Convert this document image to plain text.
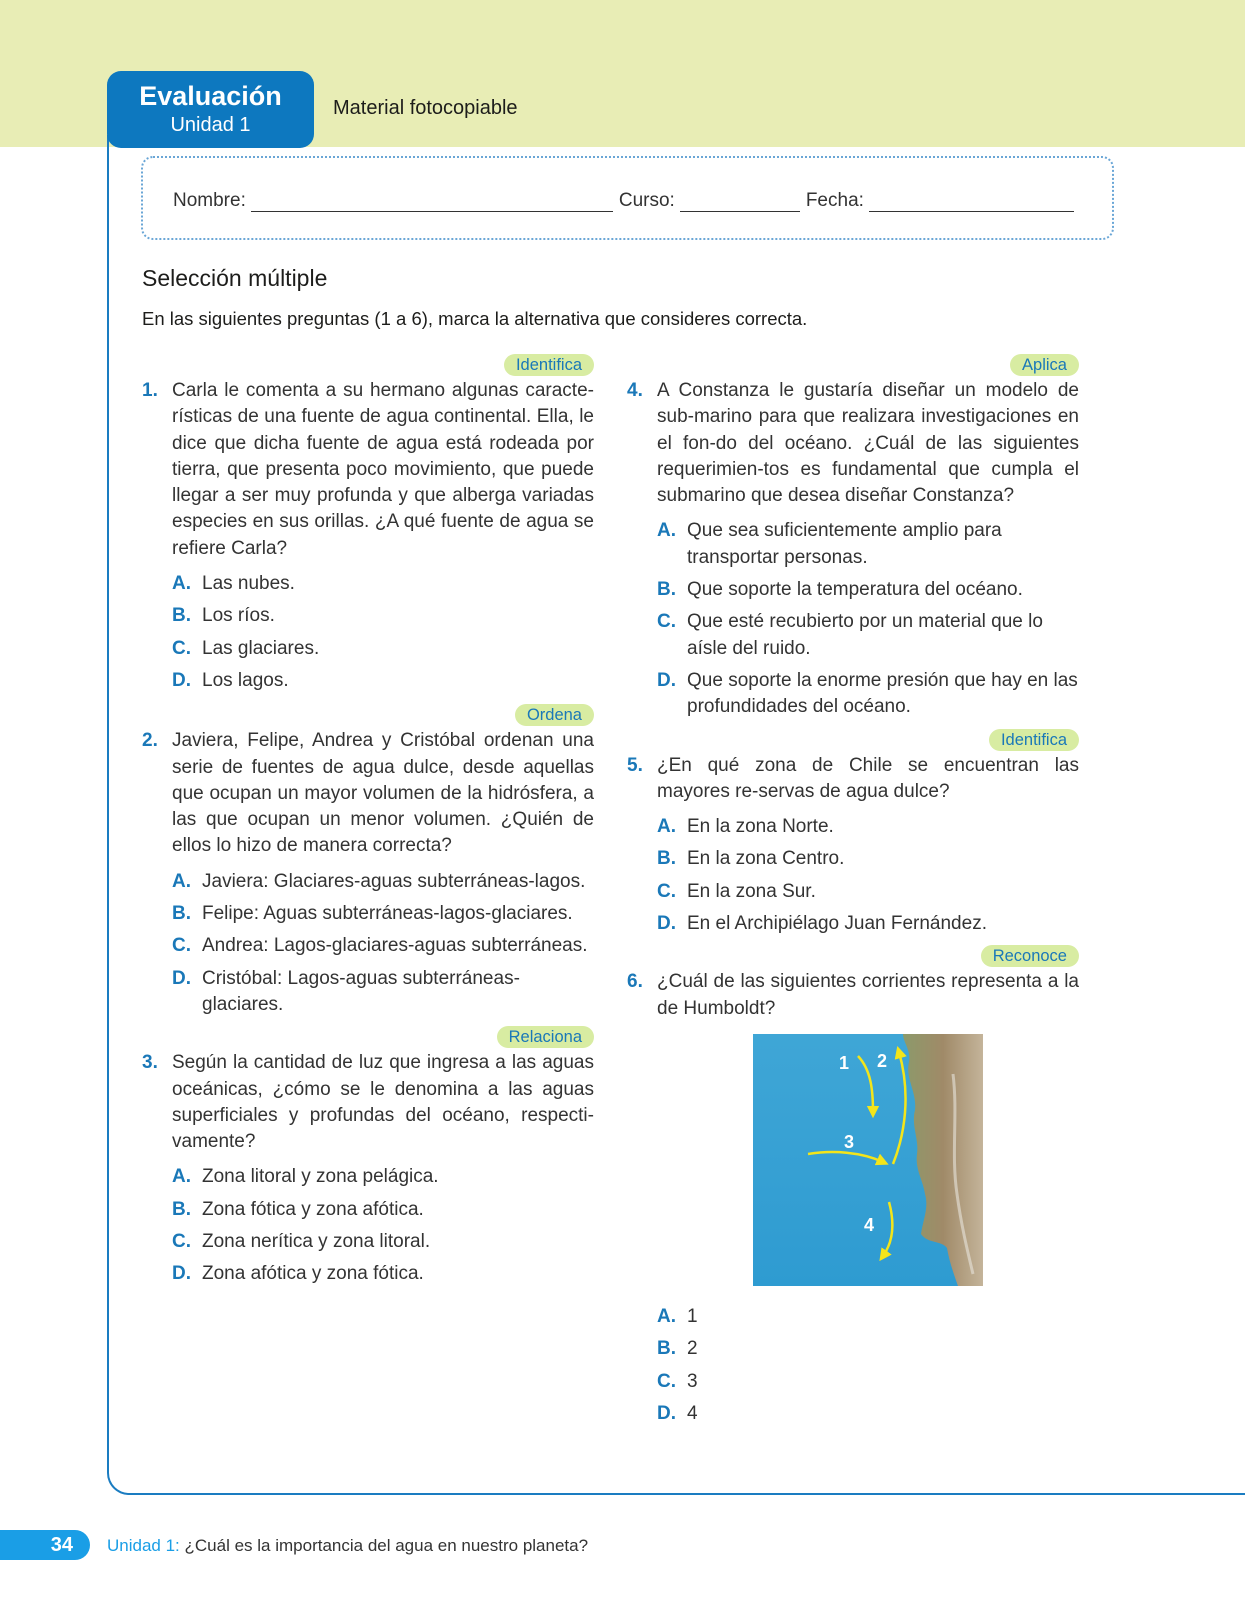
Evaluación
Unidad 1
Material fotocopiable
Nombre:	Curso:	Fecha:
Selección múltiple
En las siguientes preguntas (1 a 6), marca la alternativa que consideres correcta.
Identifica
1. Carla le comenta a su hermano algunas caracte-rísticas de una fuente de agua continental. Ella, le dice que dicha fuente de agua está rodeada por tierra, que presenta poco movimiento, que puede llegar a ser muy profunda y que alberga variadas especies en sus orillas. ¿A qué fuente de agua se refiere Carla?
A. Las nubes.
B. Los ríos.
C. Las glaciares.
D. Los lagos.
Ordena
2. Javiera, Felipe, Andrea y Cristóbal ordenan una serie de fuentes de agua dulce, desde aquellas que ocupan un mayor volumen de la hidrósfera, a las que ocupan un menor volumen. ¿Quién de ellos lo hizo de manera correcta?
A. Javiera: Glaciares-aguas subterráneas-lagos.
B. Felipe: Aguas subterráneas-lagos-glaciares.
C. Andrea: Lagos-glaciares-aguas subterráneas.
D. Cristóbal: Lagos-aguas subterráneas-glaciares.
Relaciona
3. Según la cantidad de luz que ingresa a las aguas oceánicas, ¿cómo se le denomina a las aguas superficiales y profundas del océano, respecti-vamente?
A. Zona litoral y zona pelágica.
B. Zona fótica y zona afótica.
C. Zona nerítica y zona litoral.
D. Zona afótica y zona fótica.
Aplica
4. A Constanza le gustaría diseñar un modelo de sub-marino para que realizara investigaciones en el fon-do del océano. ¿Cuál de las siguientes requerimien-tos es fundamental que cumpla el submarino que desea diseñar Constanza?
A. Que sea suficientemente amplio para transportar personas.
B. Que soporte la temperatura del océano.
C. Que esté recubierto por un material que lo aísle del ruido.
D. Que soporte la enorme presión que hay en las profundidades del océano.
Identifica
5. ¿En qué zona de Chile se encuentran las mayores re-servas de agua dulce?
A. En la zona Norte.
B. En la zona Centro.
C. En la zona Sur.
D. En el Archipiélago Juan Fernández.
Reconoce
6. ¿Cuál de las siguientes corrientes representa a la de Humboldt?
1 2
3
4
A. 1
B. 2
C. 3
D. 4
34	Unidad 1: ¿Cuál es la importancia del agua en nuestro planeta?
